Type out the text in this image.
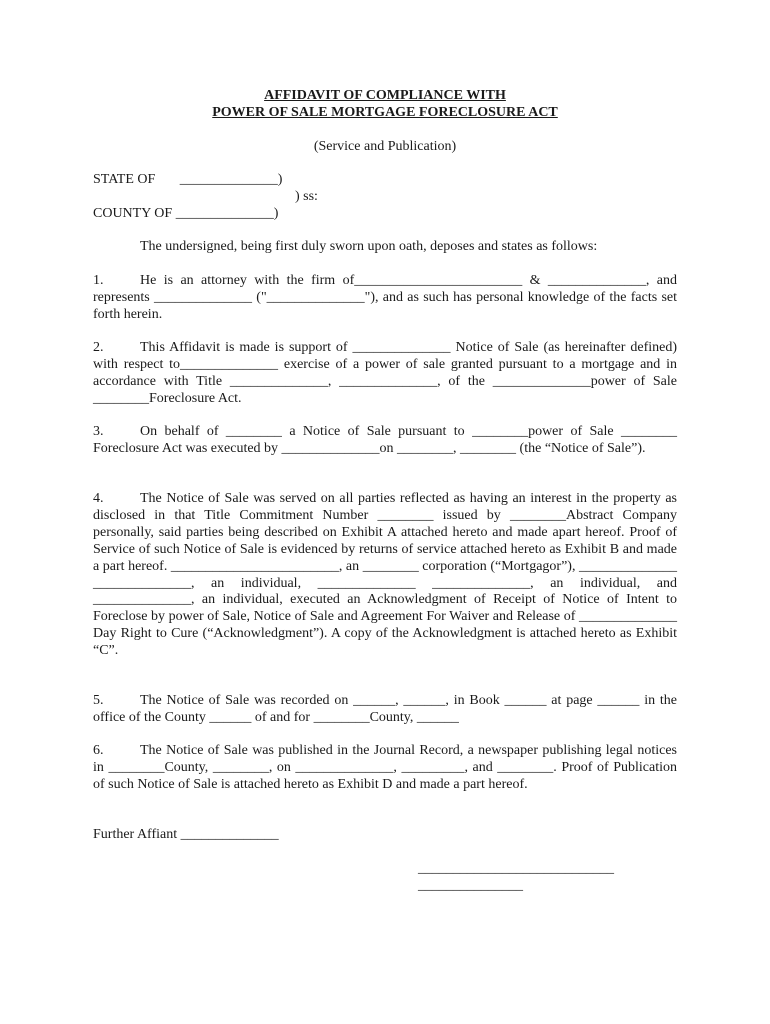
AFFIDAVIT OF COMPLIANCE WITH
POWER OF SALE MORTGAGE FORECLOSURE ACT
(Service and Publication)
STATE OF       ______________)
) ss:
COUNTY OF ______________)
The undersigned, being first duly sworn upon oath, deposes and states as follows:
1.	He is an attorney with the firm of________________________ & ______________, and represents ______________ ("______________"), and as such has personal knowledge of the facts set forth herein.
2.	This Affidavit is made is support of ______________ Notice of Sale (as hereinafter defined) with respect to______________ exercise of a power of sale granted pursuant to a mortgage and in accordance with Title ______________, ______________, of the ______________power of Sale ________Foreclosure Act.
3.	On behalf of ________ a Notice of Sale pursuant to ________power of Sale ________ Foreclosure Act was executed by ______________on ________, ________ (the “Notice of Sale”).
4.	The Notice of Sale was served on all parties reflected as having an interest in the property as disclosed in that Title Commitment Number ________ issued by ________Abstract Company personally, said parties being described on Exhibit A attached hereto and made apart hereof. Proof of Service of such Notice of Sale is evidenced by returns of service attached hereto as Exhibit B and made a part hereof. ________________________, an ________ corporation (“Mortgagor”), ______________ ______________, an individual, ______________ ______________, an individual, and ______________, an individual, executed an Acknowledgment of Receipt of Notice of Intent to Foreclose by power of Sale, Notice of Sale and Agreement For Waiver and Release of ______________ Day Right to Cure (“Acknowledgment”). A copy of the Acknowledgment is attached hereto as Exhibit “C”.
5.	The Notice of Sale was recorded on ______, ______, in Book ______ at page ______ in the office of the County ______ of and for ________County, ______
6.	The Notice of Sale was published in the Journal Record, a newspaper publishing legal notices in ________County, ________, on ______________, _________, and ________. Proof of Publication of such Notice of Sale is attached hereto as Exhibit D and made a part hereof.
Further Affiant ______________
____________________________
_______________
